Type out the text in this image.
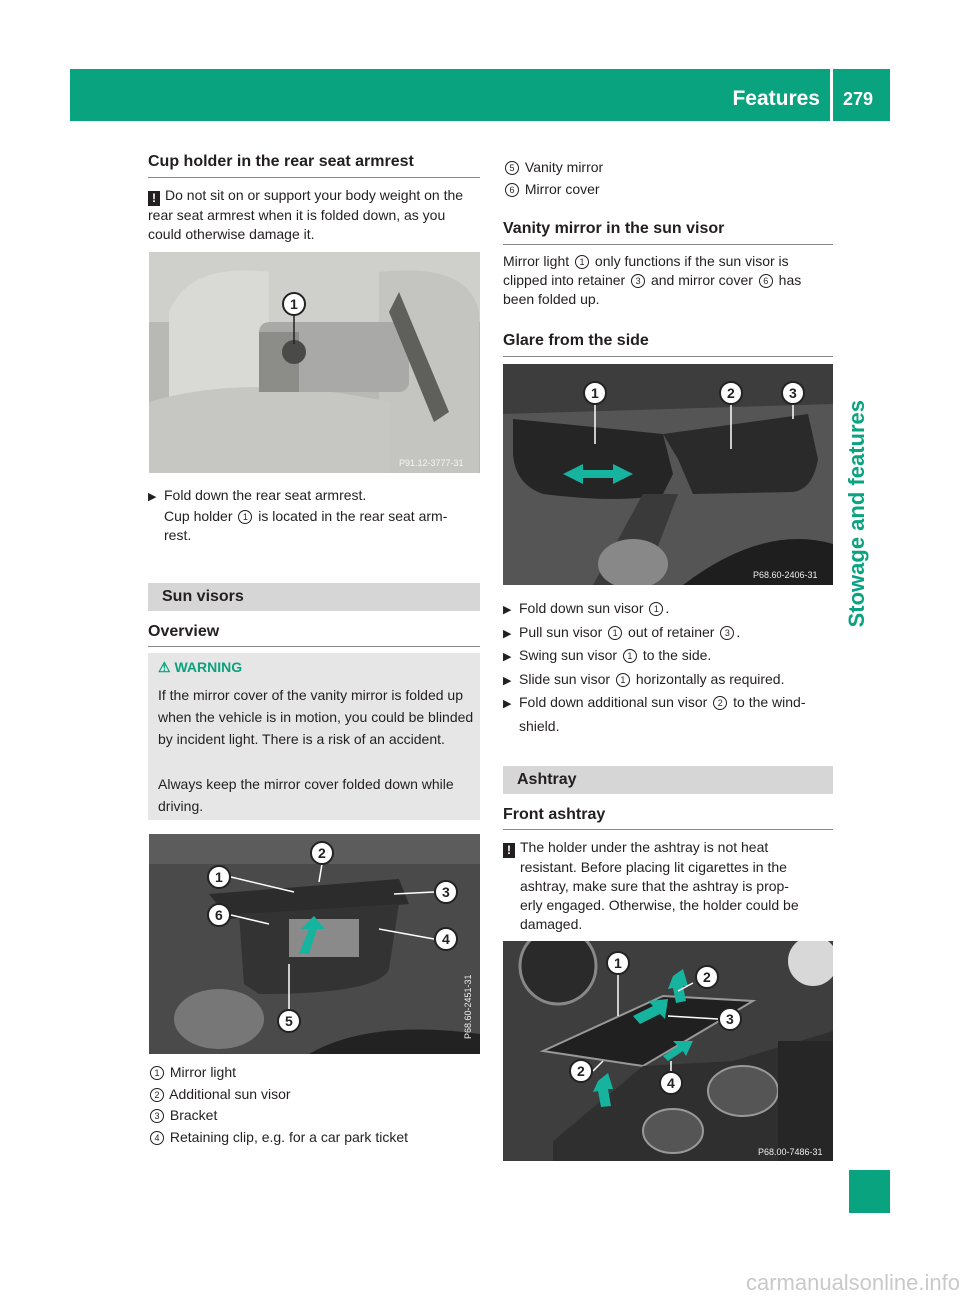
Features 279
Stowage and features
Cup holder in the rear seat armrest
! Do not sit on or support your body weight on the rear seat armrest when it is folded down, as you could otherwise damage it.
1
P91.12-3777-31
▶ Fold down the rear seat armrest.
Cup holder 1 is located in the rear seat arm-
rest.
Sun visors
Overview
⚠ WARNING
If the mirror cover of the vanity mirror is folded up when the vehicle is in motion, you could be blinded by incident light. There is a risk of an accident.
Always keep the mirror cover folded down while driving.
1
2
3
4
5
6
P68.60-2451-31
1 Mirror light
2 Additional sun visor
3 Bracket
4 Retaining clip, e.g. for a car park ticket
5 Vanity mirror
6 Mirror cover
Vanity mirror in the sun visor
Mirror light 1 only functions if the sun visor is
clipped into retainer 3 and mirror cover 6 has
been folded up.
Glare from the side
1	2	3
P68.60-2406-31
▶ Fold down sun visor 1 .
▶ Pull sun visor 1 out of retainer 3 .
▶ Swing sun visor 1 to the side.
▶ Slide sun visor 1 horizontally as required.
▶ Fold down additional sun visor 2 to the wind-
shield.
Ashtray
Front ashtray
! The holder under the ashtray is not heat
resistant. Before placing lit cigarettes in the
ashtray, make sure that the ashtray is prop-
erly engaged. Otherwise, the holder could be
damaged.
1
2
3
2
4
P68.00-7486-31
carmanualsonline.info
